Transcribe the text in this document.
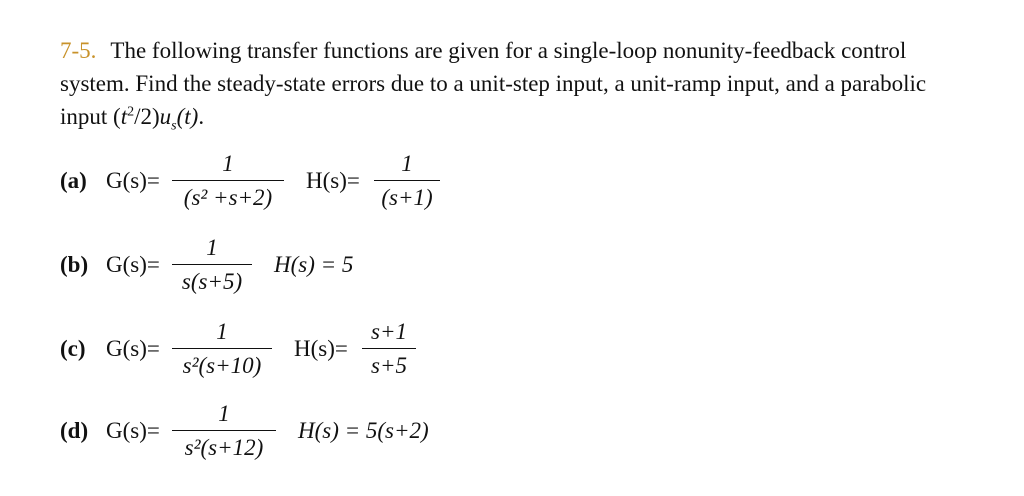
7-5. The following transfer functions are given for a single-loop nonunity-feedback control system. Find the steady-state errors due to a unit-step input, a unit-ramp input, and a parabolic input $(t^2/2)u_s(t)$.
(a) G(s)=
1
(s² +s+2)
H(s)=
1
(s+1)
(b) G(s)=
1
s(s+5)
H(s) = 5
(c) G(s)=
1
s²(s+10)
H(s)=
s+1
s+5
(d) G(s)=
1
s²(s+12)
H(s) = 5(s+2)
